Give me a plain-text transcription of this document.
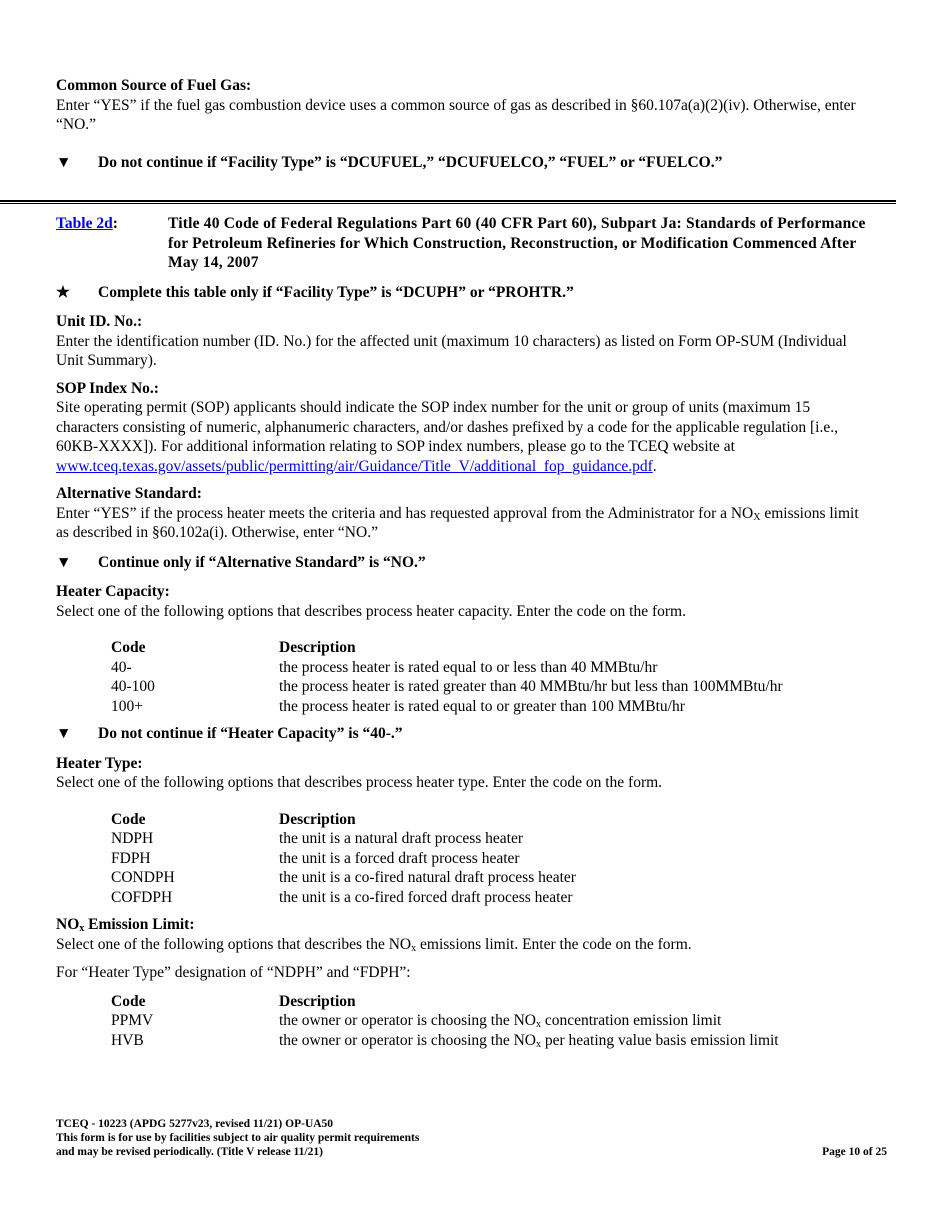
Common Source of Fuel Gas:

Enter “YES” if the fuel gas combustion device uses a common source of gas as described in §60.107a(a)(2)(iv). Otherwise, enter “NO.”

▼	Do not continue if “Facility Type” is “DCUFUEL,” “DCUFUELCO,” “FUEL” or “FUELCO.”
Table 2d:	Title 40 Code of Federal Regulations Part 60 (40 CFR Part 60), Subpart Ja: Standards of Performance for Petroleum Refineries for Which Construction, Reconstruction, or Modification Commenced After May 14, 2007
★	Complete this table only if “Facility Type” is “DCUPH” or “PROHTR.”
Unit ID. No.:

Enter the identification number (ID. No.) for the affected unit (maximum 10 characters) as listed on Form OP-SUM (Individual Unit Summary).

SOP Index No.:

Site operating permit (SOP) applicants should indicate the SOP index number for the unit or group of units (maximum 15 characters consisting of numeric, alphanumeric characters, and/or dashes prefixed by a code for the applicable regulation [i.e., 60KB-XXXX]). For additional information relating to SOP index numbers, please go to the TCEQ website at www.tceq.texas.gov/assets/public/permitting/air/Guidance/Title_V/additional_fop_guidance.pdf.

Alternative Standard:

Enter “YES” if the process heater meets the criteria and has requested approval from the Administrator for a $NO_X$ emissions limit as described in §60.102a(i). Otherwise, enter “NO.”

▼	Continue only if “Alternative Standard” is “NO.”
Heater Capacity:

Select one of the following options that describes process heater capacity. Enter the code on the form.

Code	Description
40-	the process heater is rated equal to or less than 40 MMBtu/hr
40-100	the process heater is rated greater than 40 MMBtu/hr but less than 100MMBtu/hr
100+	the process heater is rated equal to or greater than 100 MMBtu/hr
▼	Do not continue if “Heater Capacity” is “40-.”
Heater Type:

Select one of the following options that describes process heater type. Enter the code on the form.

Code	Description
NDPH	the unit is a natural draft process heater
FDPH	the unit is a forced draft process heater
CONDPH	the unit is a co-fired natural draft process heater
COFDPH	the unit is a co-fired forced draft process heater
$NO_x$ Emission Limit:

Select one of the following options that describes the $NO_x$ emissions limit. Enter the code on the form.

For “Heater Type” designation of “NDPH” and “FDPH”:

Code	Description
PPMV	the owner or operator is choosing the $NO_x$ concentration emission limit
HVB	the owner or operator is choosing the $NO_x$ per heating value basis emission limit
TCEQ - 10223 (APDG 5277v23, revised 11/21) OP-UA50
This form is for use by facilities subject to air quality permit requirements
and may be revised periodically. (Title V release 11/21)	Page 10 of 25
